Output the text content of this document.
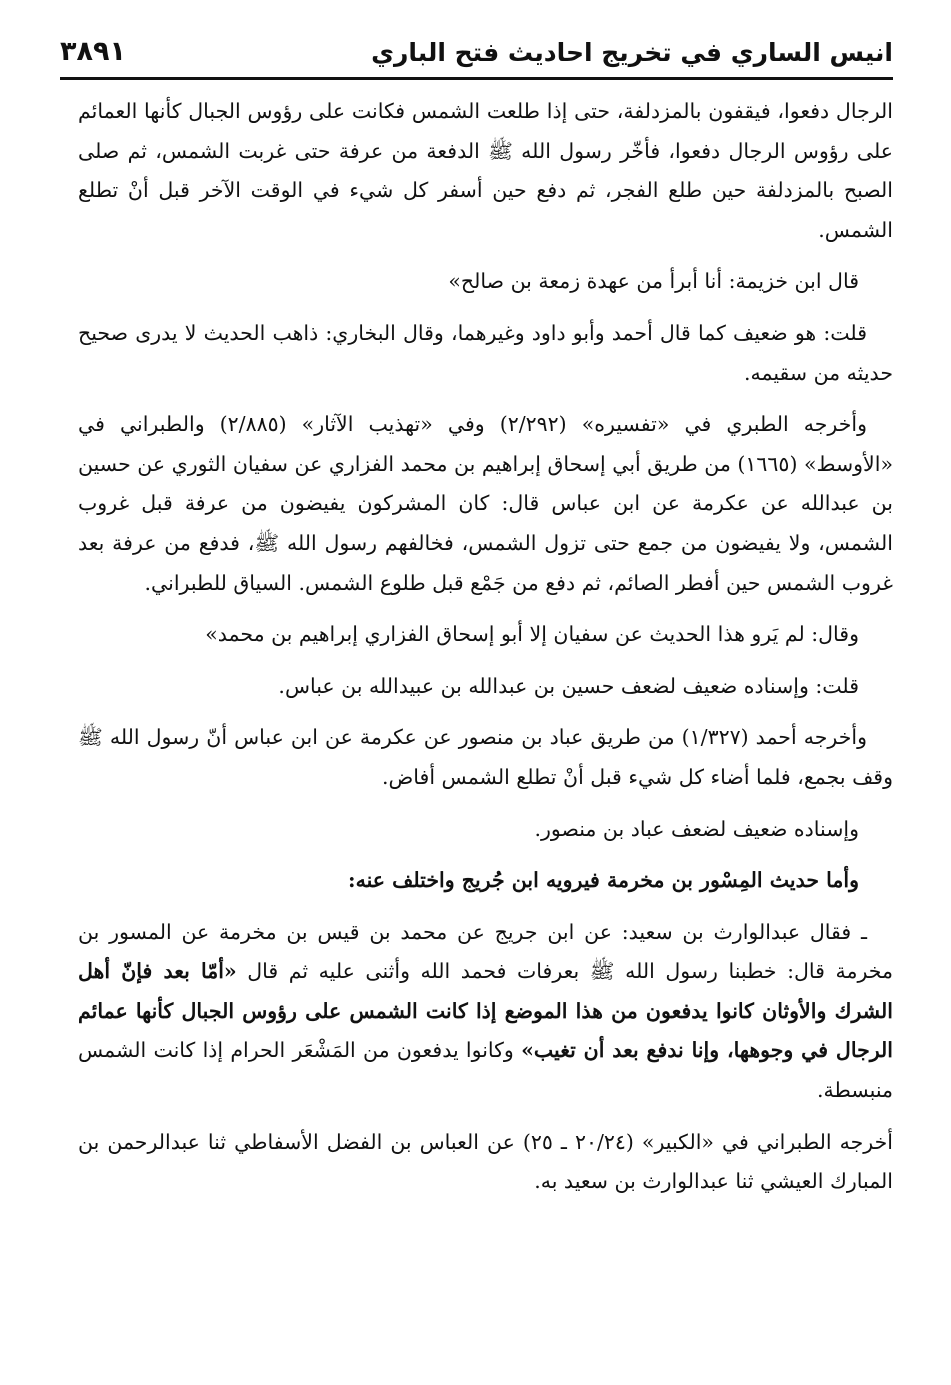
انيس الساري في تخريج احاديث فتح الباري
٣٨٩١
الرجال دفعوا، فيقفون بالمزدلفة، حتى إذا طلعت الشمس فكانت على رؤوس الجبال كأنها العمائم على رؤوس الرجال دفعوا، فأخّر رسول الله ﷺ الدفعة من عرفة حتى غربت الشمس، ثم صلى الصبح بالمزدلفة حين طلع الفجر، ثم دفع حين أسفر كل شيء في الوقت الآخر قبل أنْ تطلع الشمس.
قال ابن خزيمة: أنا أبرأ من عهدة زمعة بن صالح»
قلت: هو ضعيف كما قال أحمد وأبو داود وغيرهما، وقال البخاري: ذاهب الحديث لا يدرى صحيح حديثه من سقيمه.
وأخرجه الطبري في «تفسيره» (٢/٢٩٢) وفي «تهذيب الآثار» (٢/٨٨٥) والطبراني في «الأوسط» (١٦٦٥) من طريق أبي إسحاق إبراهيم بن محمد الفزاري عن سفيان الثوري عن حسين بن عبدالله عن عكرمة عن ابن عباس قال: كان المشركون يفيضون من عرفة قبل غروب الشمس، ولا يفيضون من جمع حتى تزول الشمس، فخالفهم رسول الله ﷺ، فدفع من عرفة بعد غروب الشمس حين أفطر الصائم، ثم دفع من جَمْع قبل طلوع الشمس. السياق للطبراني.
وقال: لم يَرو هذا الحديث عن سفيان إلا أبو إسحاق الفزاري إبراهيم بن محمد»
قلت: وإسناده ضعيف لضعف حسين بن عبدالله بن عبيدالله بن عباس.
وأخرجه أحمد (١/٣٢٧) من طريق عباد بن منصور عن عكرمة عن ابن عباس أنّ رسول الله ﷺ وقف بجمع، فلما أضاء كل شيء قبل أنْ تطلع الشمس أفاض.
وإسناده ضعيف لضعف عباد بن منصور.
وأما حديث المِسْور بن مخرمة فيرويه ابن جُريج واختلف عنه:
ـ فقال عبدالوارث بن سعيد: عن ابن جريج عن محمد بن قيس بن مخرمة عن المسور بن مخرمة قال: خطبنا رسول الله ﷺ بعرفات فحمد الله وأثنى عليه ثم قال «أمّا بعد فإنّ أهل الشرك والأوثان كانوا يدفعون من هذا الموضع إذا كانت الشمس على رؤوس الجبال كأنها عمائم الرجال في وجوهها، وإنا ندفع بعد أن تغيب» وكانوا يدفعون من المَشْعَر الحرام إذا كانت الشمس منبسطة.
أخرجه الطبراني في «الكبير» (٢٠/٢٤ ـ ٢٥) عن العباس بن الفضل الأسفاطي ثنا عبدالرحمن بن المبارك العيشي ثنا عبدالوارث بن سعيد به.
